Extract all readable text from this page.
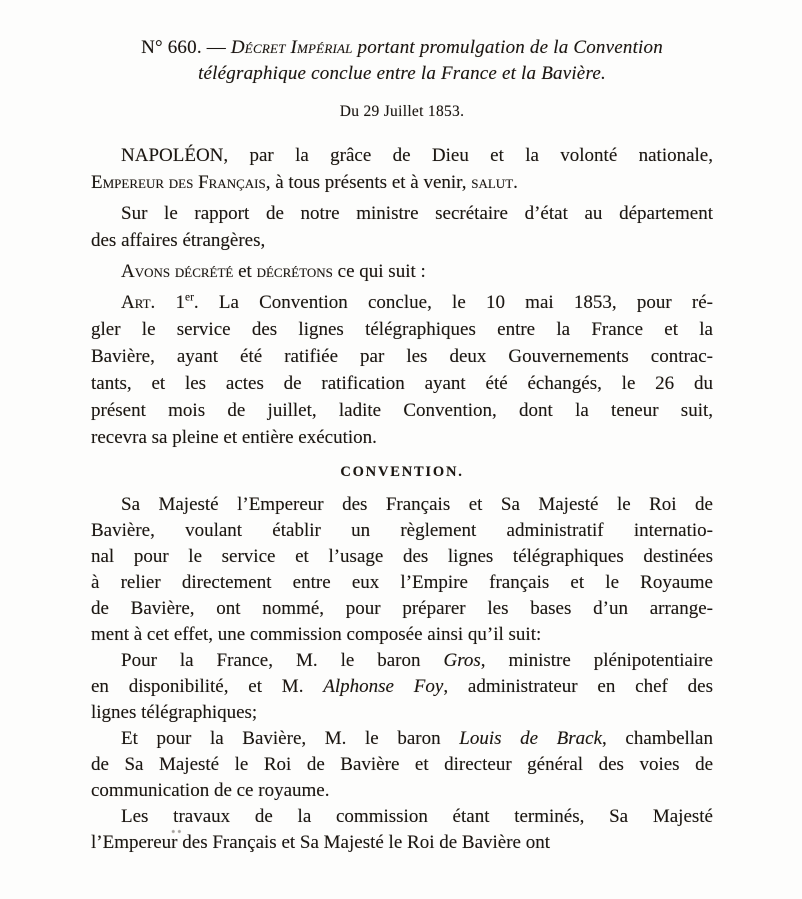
N° 660. — Décret Impérial portant promulgation de la Convention
télégraphique conclue entre la France et la Bavière.
Du 29 Juillet 1853.
NAPOLÉON, par la grâce de Dieu et la volonté nationale,
Empereur des Français, à tous présents et à venir, salut.
Sur le rapport de notre ministre secrétaire d’état au département
des affaires étrangères,
Avons décrété et décrétons ce qui suit :
Art. 1er. La Convention conclue, le 10 mai 1853, pour ré-
gler le service des lignes télégraphiques entre la France et la
Bavière, ayant été ratifiée par les deux Gouvernements contrac-
tants, et les actes de ratification ayant été échangés, le 26 du
présent mois de juillet, ladite Convention, dont la teneur suit,
recevra sa pleine et entière exécution.
CONVENTION.
Sa Majesté l’Empereur des Français et Sa Majesté le Roi de
Bavière, voulant établir un règlement administratif internatio-
nal pour le service et l’usage des lignes télégraphiques destinées
à relier directement entre eux l’Empire français et le Royaume
de Bavière, ont nommé, pour préparer les bases d’un arrange-
ment à cet effet, une commission composée ainsi qu’il suit:
Pour la France, M. le baron Gros, ministre plénipotentiaire
en disponibilité, et M. Alphonse Foy, administrateur en chef des
lignes télégraphiques;
Et pour la Bavière, M. le baron Louis de Brack, chambellan
de Sa Majesté le Roi de Bavière et directeur général des voies de
communication de ce royaume.
Les travaux de la commission étant terminés, Sa Majesté
l’Empereur des Français et Sa Majesté le Roi de Bavière ont
